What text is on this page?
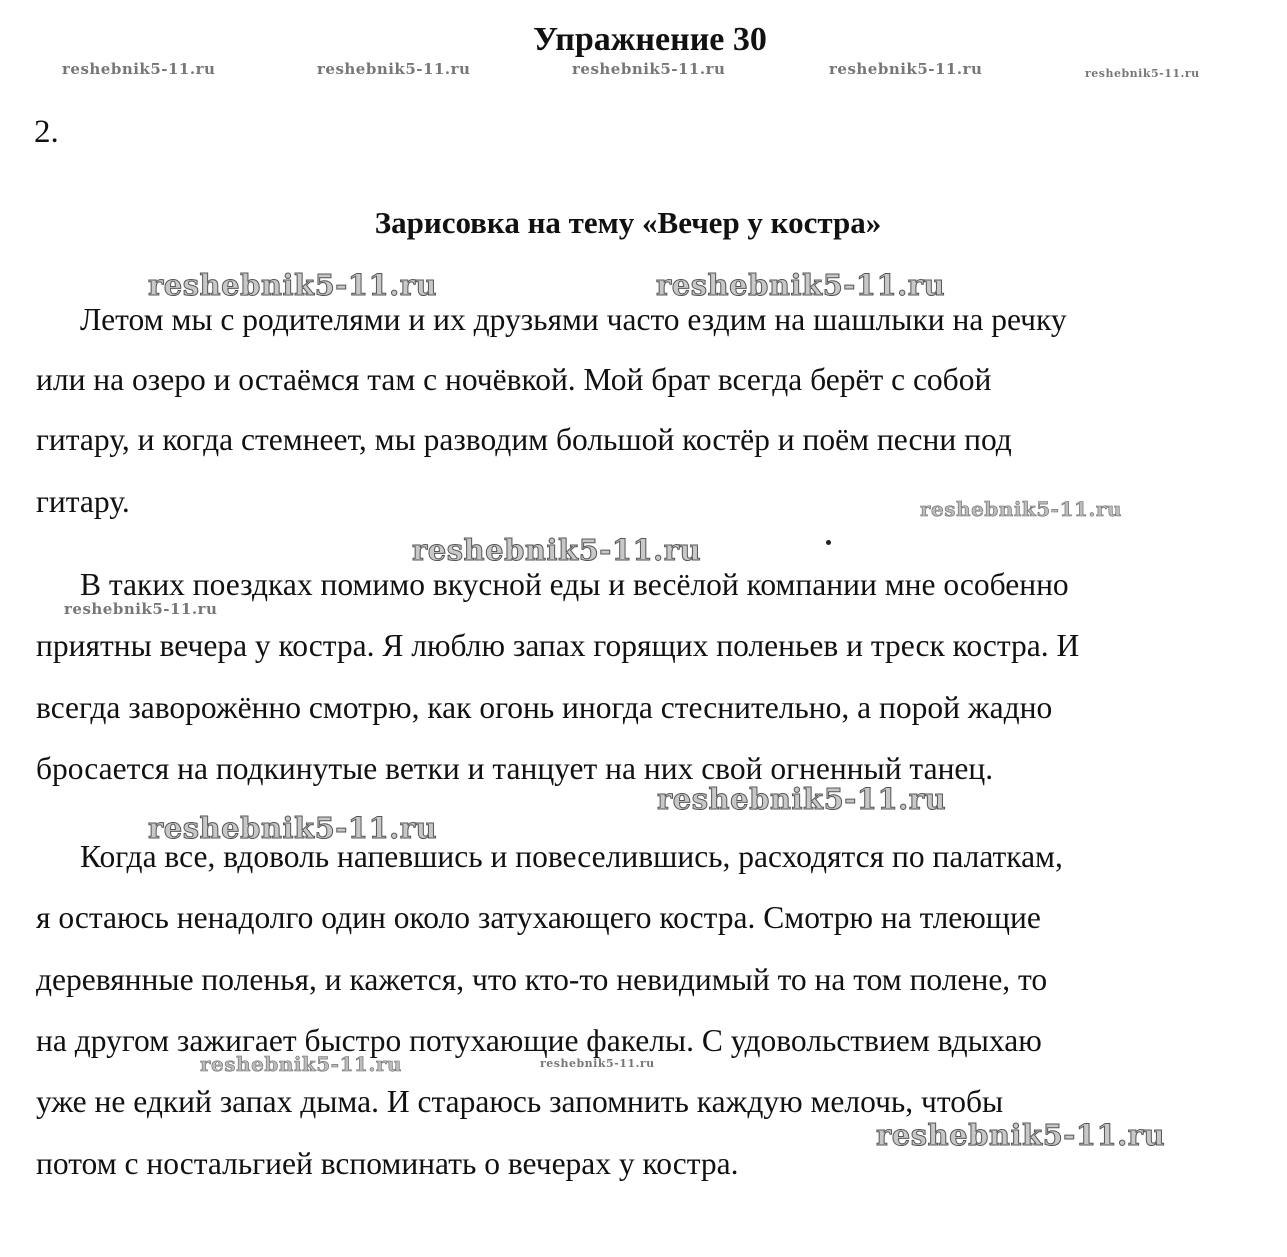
Упражнение 30
2.
Зарисовка на тему «Вечер у костра»
Летом мы с родителями и их друзьями часто ездим на шашлыки на речку
или на озеро и остаёмся там с ночёвкой. Мой брат всегда берёт с собой
гитару, и когда стемнеет, мы разводим большой костёр и поём песни под
гитару.
В таких поездках помимо вкусной еды и весёлой компании мне особенно
приятны вечера у костра. Я люблю запах горящих поленьев и треск костра. И
всегда заворожённо смотрю, как огонь иногда стеснительно, а порой жадно
бросается на подкинутые ветки и танцует на них свой огненный танец.
Когда все, вдоволь напевшись и повеселившись, расходятся по палаткам,
я остаюсь ненадолго один около затухающего костра. Смотрю на тлеющие
деревянные поленья, и кажется, что кто-то невидимый то на том полене, то
на другом зажигает быстро потухающие факелы. С удовольствием вдыхаю
уже не едкий запах дыма. И стараюсь запомнить каждую мелочь, чтобы
потом с ностальгией вспоминать о вечерах у костра.
reshebnik5-11.ru	reshebnik5-11.ru	reshebnik5-11.ru	reshebnik5-11.ru	reshebnik5-11.ru
reshebnik5-11.ru	reshebnik5-11.ru
reshebnik5-11.ru
reshebnik5-11.ru
reshebnik5-11.ru
reshebnik5-11.ru
reshebnik5-11.ru
reshebnik5-11.ru	reshebnik5-11.ru
reshebnik5-11.ru
